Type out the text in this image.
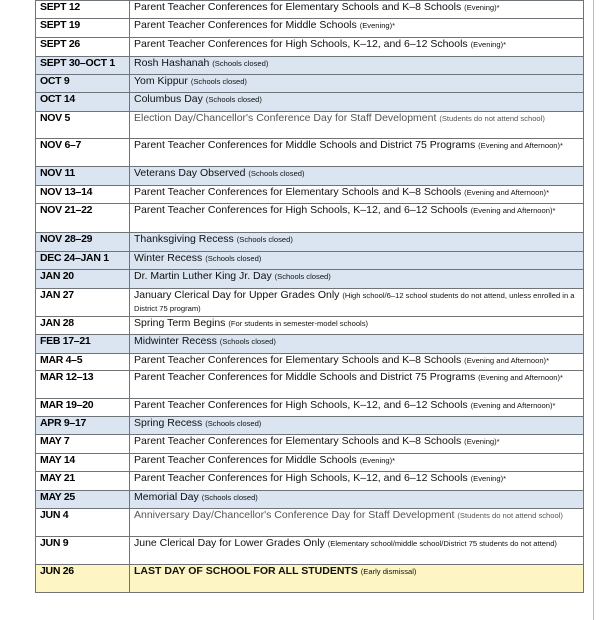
SEPT 12	Parent Teacher Conferences for Elementary Schools and K–8 Schools (Evening)*
SEPT 19	Parent Teacher Conferences for Middle Schools (Evening)*
SEPT 26	Parent Teacher Conferences for High Schools, K–12, and 6–12 Schools (Evening)*
SEPT 30–OCT 1	Rosh Hashanah (Schools closed)
OCT 9	Yom Kippur (Schools closed)
OCT 14	Columbus Day (Schools closed)
NOV 5	Election Day/Chancellor's Conference Day for Staff Development (Students do not attend school)
NOV 6–7	Parent Teacher Conferences for Middle Schools and District 75 Programs (Evening and Afternoon)*
NOV 11	Veterans Day Observed (Schools closed)
NOV 13–14	Parent Teacher Conferences for Elementary Schools and K–8 Schools (Evening and Afternoon)*
NOV 21–22	Parent Teacher Conferences for High Schools, K–12, and 6–12 Schools (Evening and Afternoon)*
NOV 28–29	Thanksgiving Recess (Schools closed)
DEC 24–JAN 1	Winter Recess (Schools closed)
JAN 20	Dr. Martin Luther King Jr. Day (Schools closed)
JAN 27	January Clerical Day for Upper Grades Only (High school/6–12 school students do not attend, unless enrolled in a District 75 program)
JAN 28	Spring Term Begins (For students in semester-model schools)
FEB 17–21	Midwinter Recess (Schools closed)
MAR 4–5	Parent Teacher Conferences for Elementary Schools and K–8 Schools (Evening and Afternoon)*
MAR 12–13	Parent Teacher Conferences for Middle Schools and District 75 Programs (Evening and Afternoon)*
MAR 19–20	Parent Teacher Conferences for High Schools, K–12, and 6–12 Schools (Evening and Afternoon)*
APR 9–17	Spring Recess (Schools closed)
MAY 7	Parent Teacher Conferences for Elementary Schools and K–8 Schools (Evening)*
MAY 14	Parent Teacher Conferences for Middle Schools (Evening)*
MAY 21	Parent Teacher Conferences for High Schools, K–12, and 6–12 Schools (Evening)*
MAY 25	Memorial Day (Schools closed)
JUN 4	Anniversary Day/Chancellor's Conference Day for Staff Development (Students do not attend school)
JUN 9	June Clerical Day for Lower Grades Only (Elementary school/middle school/District 75 students do not attend)
JUN 26	LAST DAY OF SCHOOL FOR ALL STUDENTS (Early dismissal)
